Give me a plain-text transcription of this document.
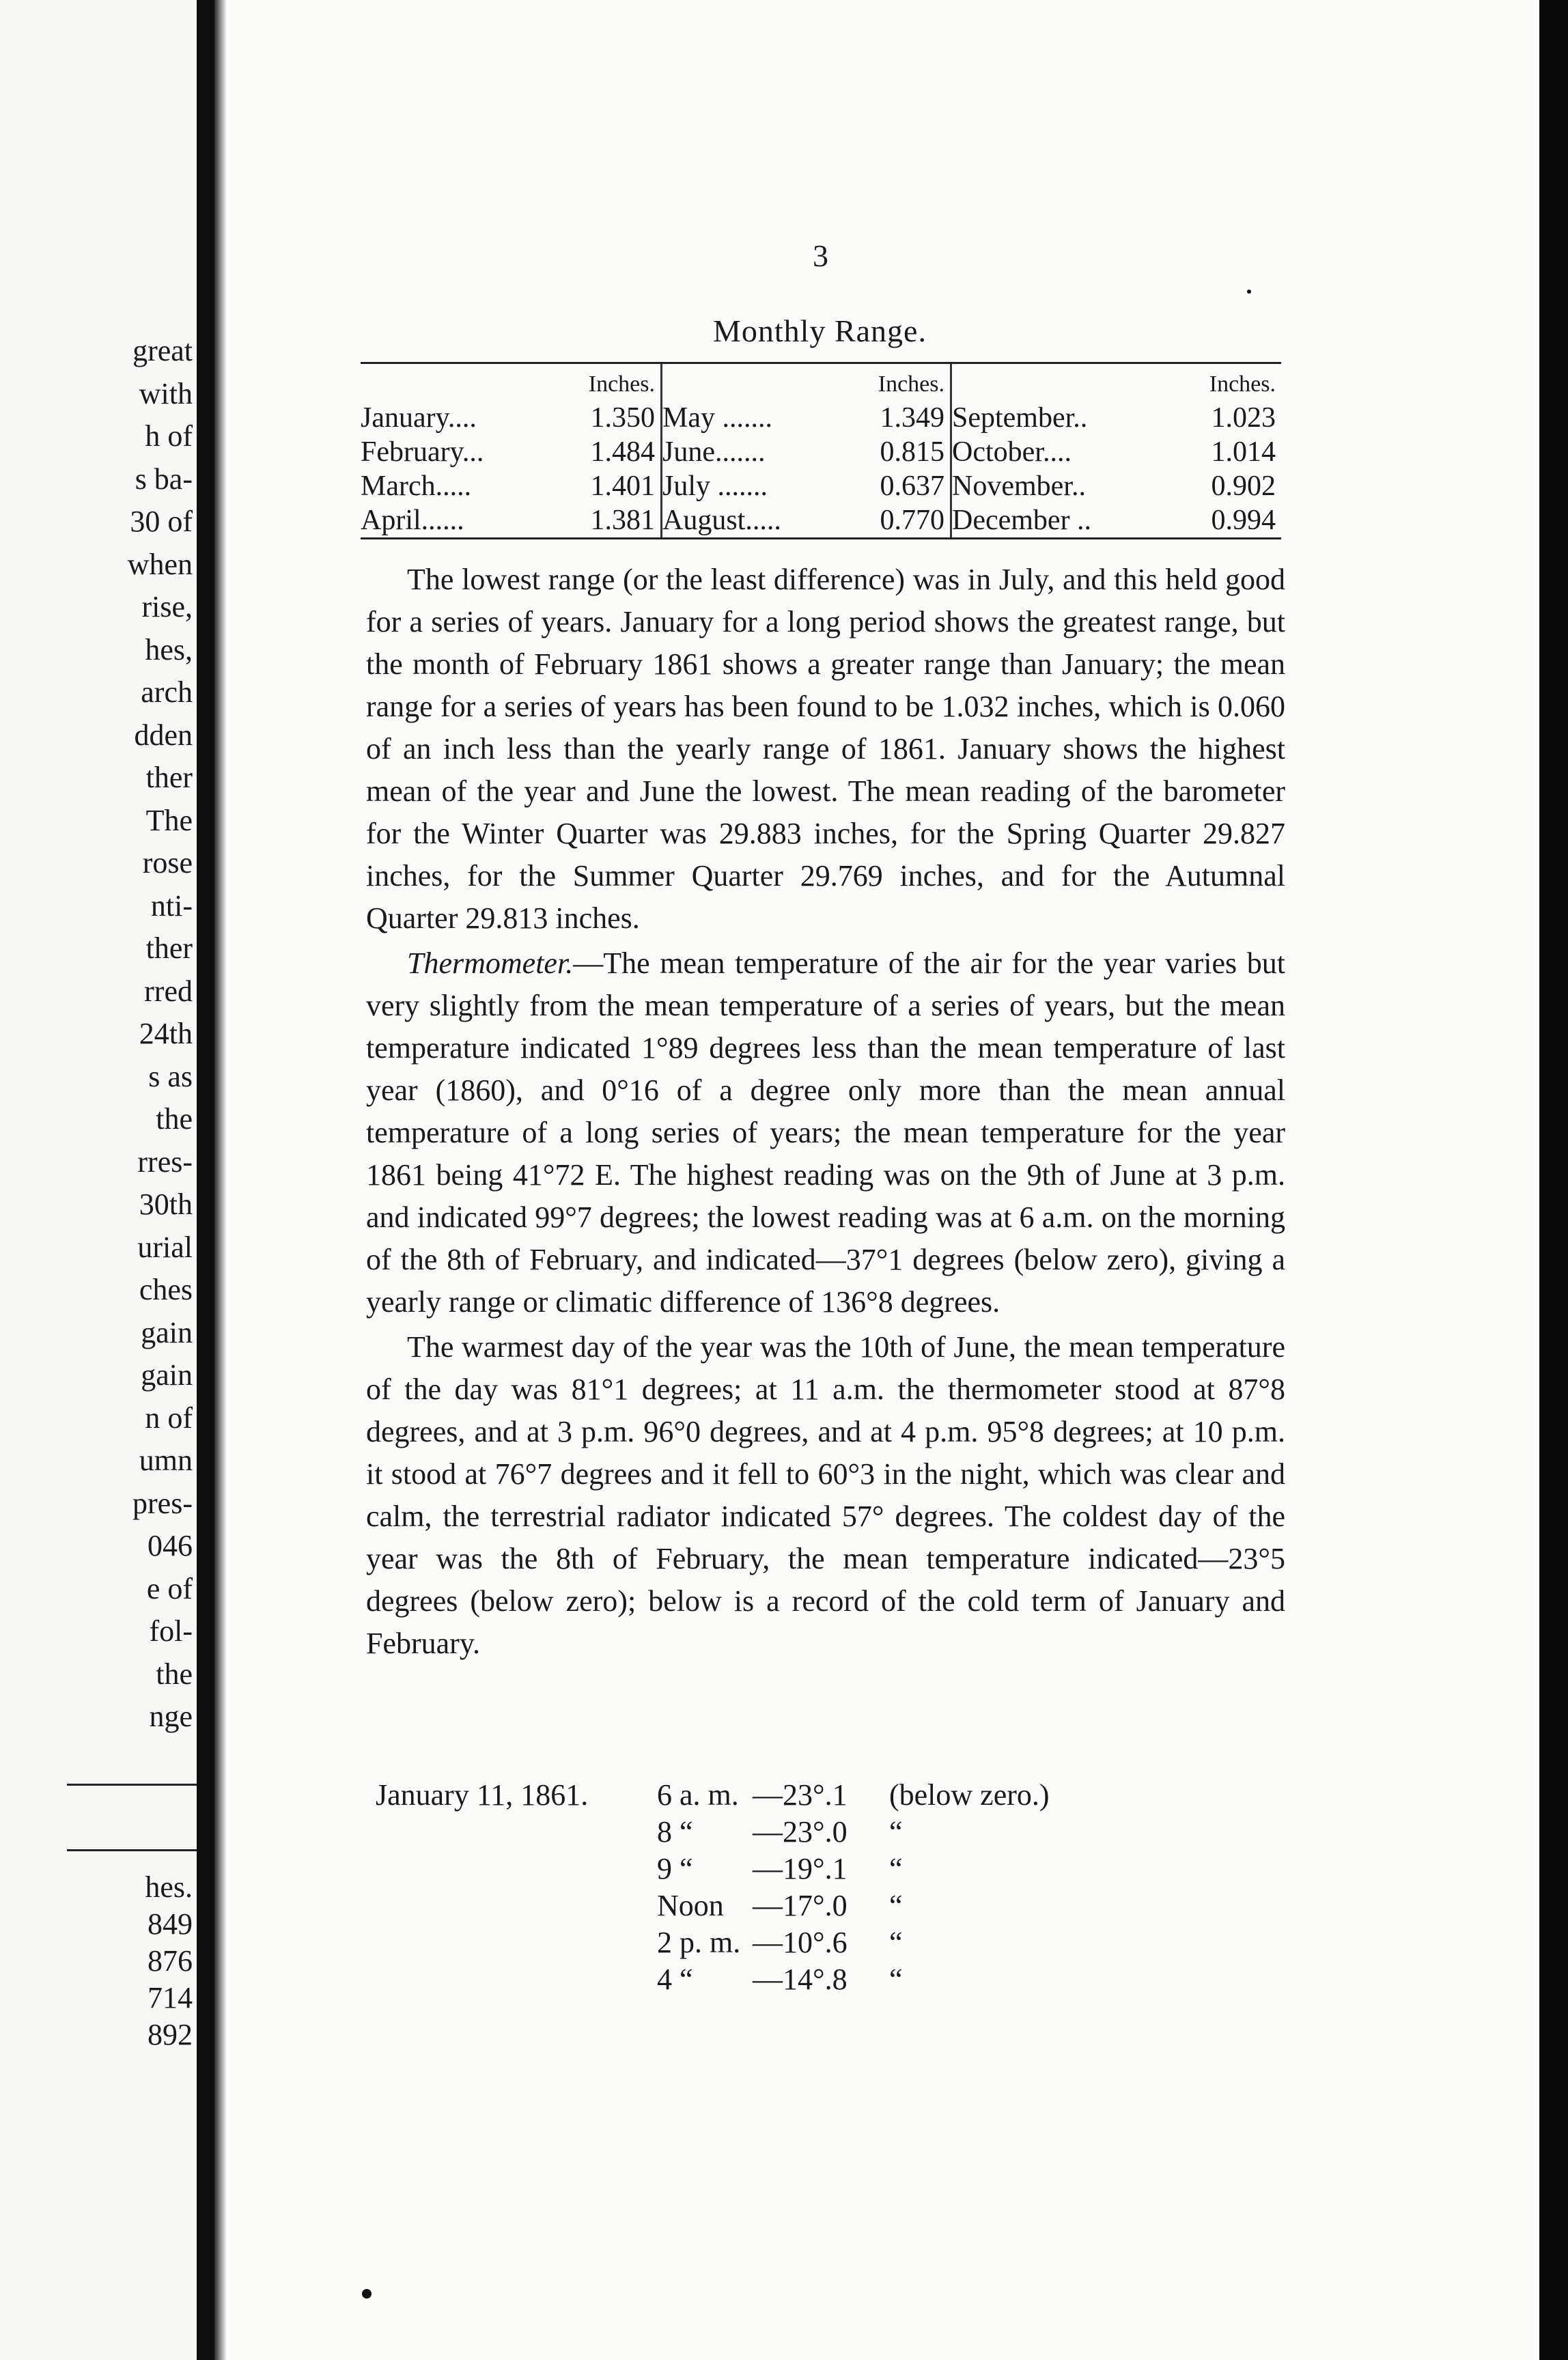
great
with
h of
s ba-
30 of
when
rise,
hes,
arch
dden
ther
The
rose
nti-
ther
rred
24th
s as
the
rres-
30th
urial
ches
gain
gain
n of
umn
pres-
046
e of
fol-
the
nge
hes.
849
876
714
892
3
Monthly Range.
Inches.	Inches.	Inches.
January....	1.350 May .......	1.349 September..	1.023
February...	1.484 June.......	0.815 October....	1.014
March.....	1.401 July .......	0.637 November..	0.902
April......	1.381 August.....	0.770 December ..	0.994

The lowest range (or the least difference) was in July, and this held good for a series of years. January for a long period shows the greatest range, but the month of February 1861 shows a greater range than January; the mean range for a series of years has been found to be 1.032 inches, which is 0.060 of an inch less than the yearly range of 1861. January shows the highest mean of the year and June the lowest. The mean reading of the barometer for the Winter Quarter was 29.883 inches, for the Spring Quarter 29.827 inches, for the Summer Quarter 29.769 inches, and for the Autumnal Quarter 29.813 inches.

Thermometer.—The mean temperature of the air for the year varies but very slightly from the mean temperature of a series of years, but the mean temperature indicated 1°89 degrees less than the mean temperature of last year (1860), and 0°16 of a degree only more than the mean annual temperature of a long series of years; the mean temperature for the year 1861 being 41°72 E. The highest reading was on the 9th of June at 3 p.m. and indicated 99°7 degrees; the lowest reading was at 6 a.m. on the morning of the 8th of February, and indicated—37°1 degrees (below zero), giving a yearly range or climatic difference of 136°8 degrees.

The warmest day of the year was the 10th of June, the mean temperature of the day was 81°1 degrees; at 11 a.m. the thermometer stood at 87°8 degrees, and at 3 p.m. 96°0 degrees, and at 4 p.m. 95°8 degrees; at 10 p.m. it stood at 76°7 degrees and it fell to 60°3 in the night, which was clear and calm, the terrestrial radiator indicated 57° degrees. The coldest day of the year was the 8th of February, the mean temperature indicated—23°5 degrees (below zero); below is a record of the cold term of January and February.

January 11, 1861.	6 a. m. —23°.1	(below zero.)
8 “	—23°.0	“
9 “	—19°.1	“
Noon —17°.0	“
2 p. m. —10°.6	“
4 “	—14°.8	“
